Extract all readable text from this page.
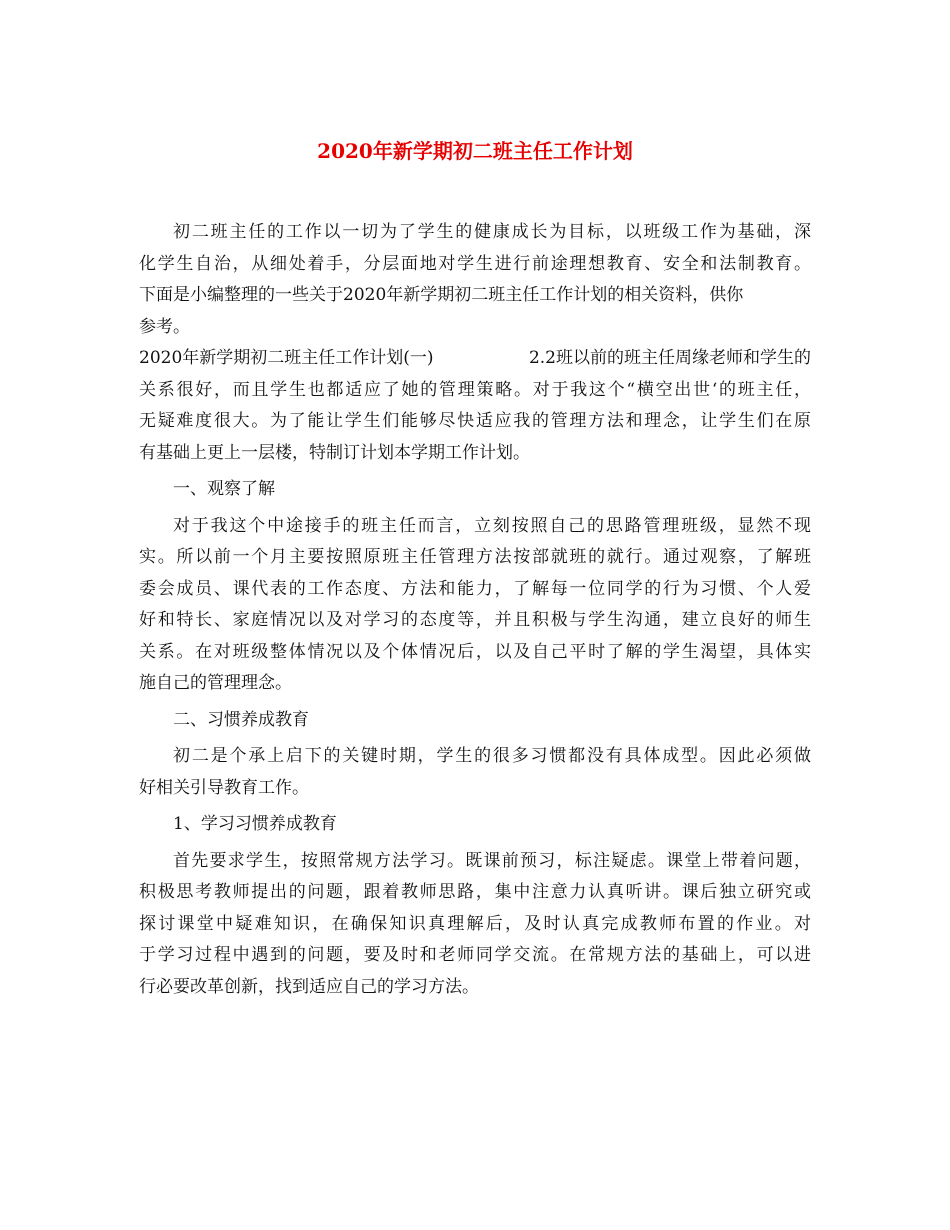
2020年新学期初二班主任工作计划
初二班主任的工作以一切为了学生的健康成长为目标，以班级工作为基础，深
化学生自治，从细处着手，分层面地对学生进行前途理想教育、安全和法制教育。
下面是小编整理的一些关于2020年新学期初二班主任工作计划的相关资料，供你
参考。
2020年新学期初二班主任工作计划(一)	2.2班以前的班主任周缘老师和学生的
关系很好，而且学生也都适应了她的管理策略。对于我这个“横空出世‘的班主任，
无疑难度很大。为了能让学生们能够尽快适应我的管理方法和理念，让学生们在原
有基础上更上一层楼，特制订计划本学期工作计划。
一、观察了解
对于我这个中途接手的班主任而言，立刻按照自己的思路管理班级，显然不现
实。所以前一个月主要按照原班主任管理方法按部就班的就行。通过观察，了解班
委会成员、课代表的工作态度、方法和能力，了解每一位同学的行为习惯、个人爱
好和特长、家庭情况以及对学习的态度等，并且积极与学生沟通，建立良好的师生
关系。在对班级整体情况以及个体情况后，以及自己平时了解的学生渴望，具体实
施自己的管理理念。
二、习惯养成教育
初二是个承上启下的关键时期，学生的很多习惯都没有具体成型。因此必须做
好相关引导教育工作。
1、学习习惯养成教育
首先要求学生，按照常规方法学习。既课前预习，标注疑虑。课堂上带着问题，
积极思考教师提出的问题，跟着教师思路，集中注意力认真听讲。课后独立研究或
探讨课堂中疑难知识，在确保知识真理解后，及时认真完成教师布置的作业。对
于学习过程中遇到的问题，要及时和老师同学交流。在常规方法的基础上，可以进
行必要改革创新，找到适应自己的学习方法。
